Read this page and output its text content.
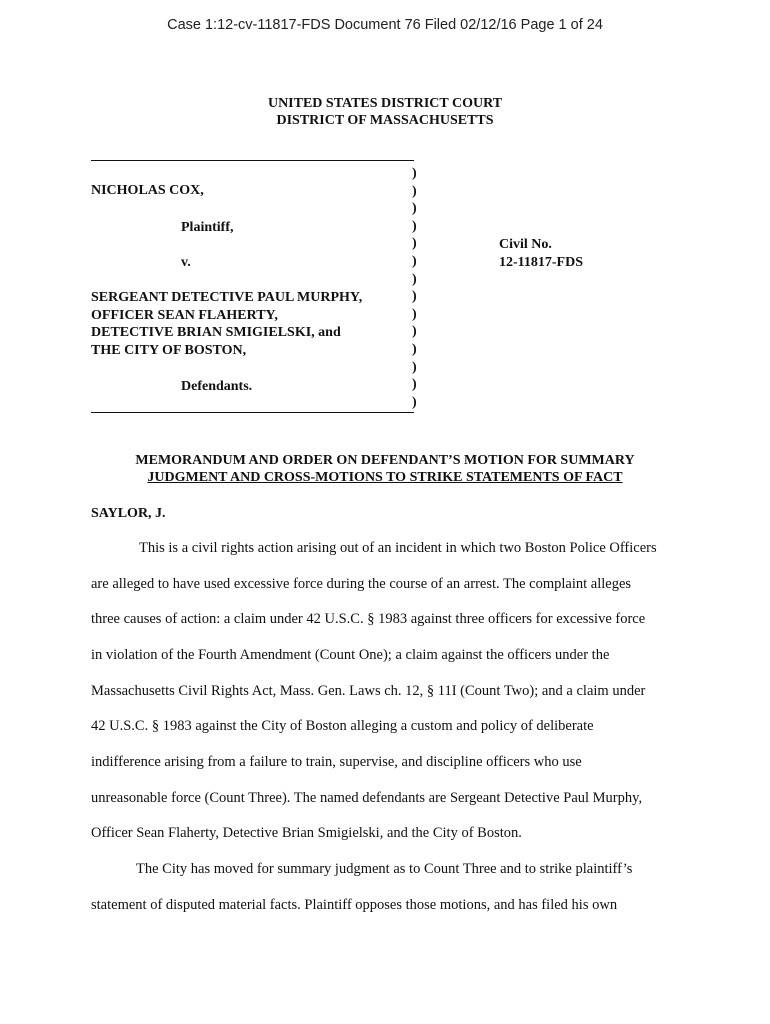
Case 1:12-cv-11817-FDS Document 76 Filed 02/12/16 Page 1 of 24
UNITED STATES DISTRICT COURT
DISTRICT OF MASSACHUSETTS
NICHOLAS COX,
Plaintiff,
v.
SERGEANT DETECTIVE PAUL MURPHY,
OFFICER SEAN FLAHERTY,
DETECTIVE BRIAN SMIGIELSKI, and
THE CITY OF BOSTON,
Defendants.
Civil No.
12-11817-FDS
)
)
)
)
)
)
)
)
)
)
)
)
)
)
MEMORANDUM AND ORDER ON DEFENDANT’S MOTION FOR SUMMARY
JUDGMENT AND CROSS-MOTIONS TO STRIKE STATEMENTS OF FACT
SAYLOR, J.
This is a civil rights action arising out of an incident in which two Boston Police Officers
are alleged to have used excessive force during the course of an arrest. The complaint alleges
three causes of action: a claim under 42 U.S.C. § 1983 against three officers for excessive force
in violation of the Fourth Amendment (Count One); a claim against the officers under the
Massachusetts Civil Rights Act, Mass. Gen. Laws ch. 12, § 11I (Count Two); and a claim under
42 U.S.C. § 1983 against the City of Boston alleging a custom and policy of deliberate
indifference arising from a failure to train, supervise, and discipline officers who use
unreasonable force (Count Three). The named defendants are Sergeant Detective Paul Murphy,
Officer Sean Flaherty, Detective Brian Smigielski, and the City of Boston.
The City has moved for summary judgment as to Count Three and to strike plaintiff’s
statement of disputed material facts. Plaintiff opposes those motions, and has filed his own
